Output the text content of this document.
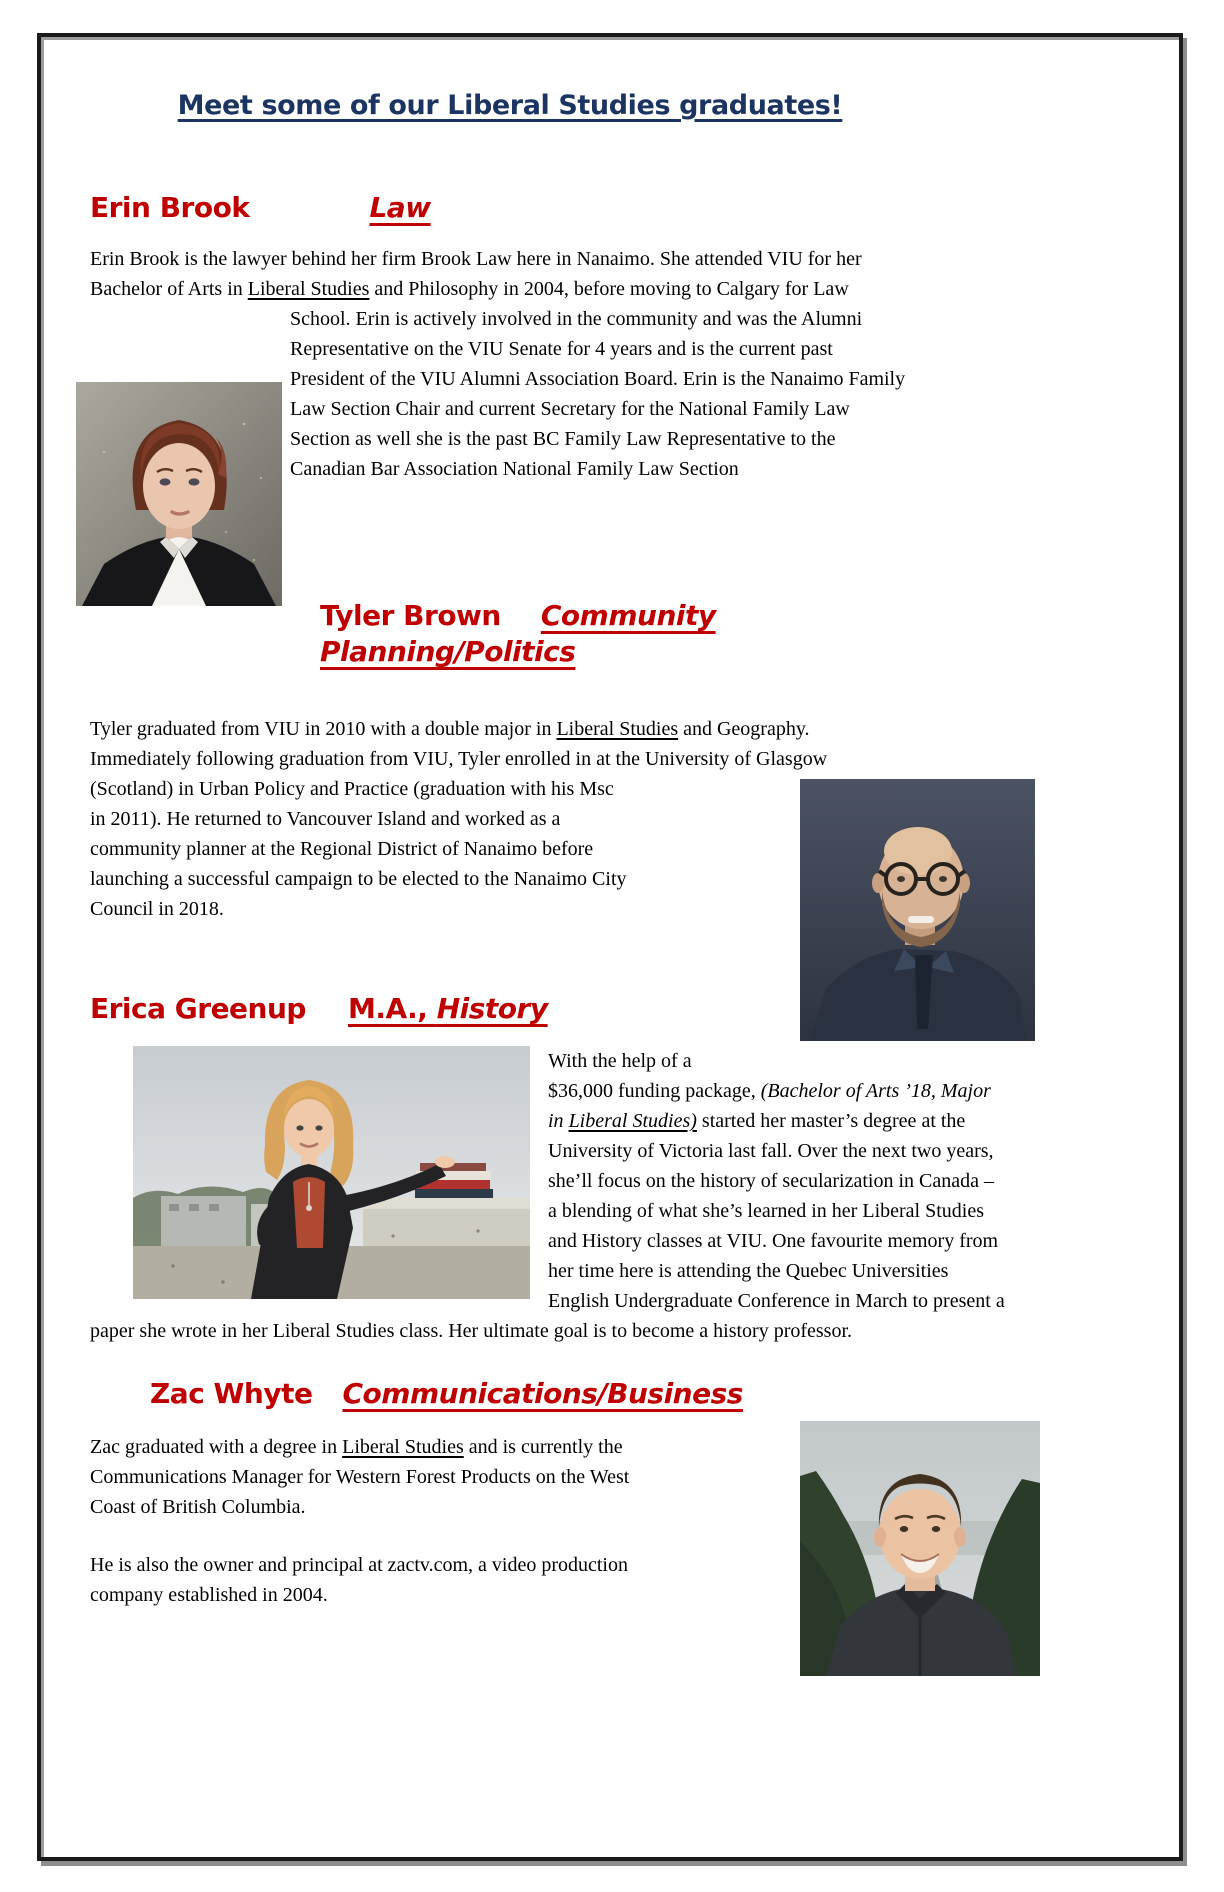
Meet some of our Liberal Studies graduates!
Erin Brook	Law

Erin Brook is the lawyer behind her firm Brook Law here in Nanaimo. She attended VIU for her
Bachelor of Arts in Liberal Studies and Philosophy in 2004, before moving to Calgary for Law

School. Erin is actively involved in the community and was the Alumni
Representative on the VIU Senate for 4 years and is the current past
President of the VIU Alumni Association Board. Erin is the Nanaimo Family
Law Section Chair and current Secretary for the National Family Law
Section as well she is the past BC Family Law Representative to the
Canadian Bar Association National Family Law Section

Tyler Brown Community Planning/Politics

Tyler graduated from VIU in 2010 with a double major in Liberal Studies and Geography.
Immediately following graduation from VIU, Tyler enrolled in at the University of Glasgow

(Scotland) in Urban Policy and Practice (graduation with his Msc
in 2011). He returned to Vancouver Island and worked as a
community planner at the Regional District of Nanaimo before
launching a successful campaign to be elected to the Nanaimo City
Council in 2018.

Erica Greenup M.A., History

With the help of a
$36,000 funding package, (Bachelor of Arts ’18, Major
in Liberal Studies) started her master’s degree at the
University of Victoria last fall. Over the next two years,
she’ll focus on the history of secularization in Canada –
a blending of what she’s learned in her Liberal Studies
and History classes at VIU. One favourite memory from
her time here is attending the Quebec Universities
English Undergraduate Conference in March to present a
paper she wrote in her Liberal Studies class. Her ultimate goal is to become a history professor.

Zac Whyte Communications/Business

Zac graduated with a degree in Liberal Studies and is currently the
Communications Manager for Western Forest Products on the West
Coast of British Columbia.

He is also the owner and principal at zactv.com, a video production
company established in 2004.
